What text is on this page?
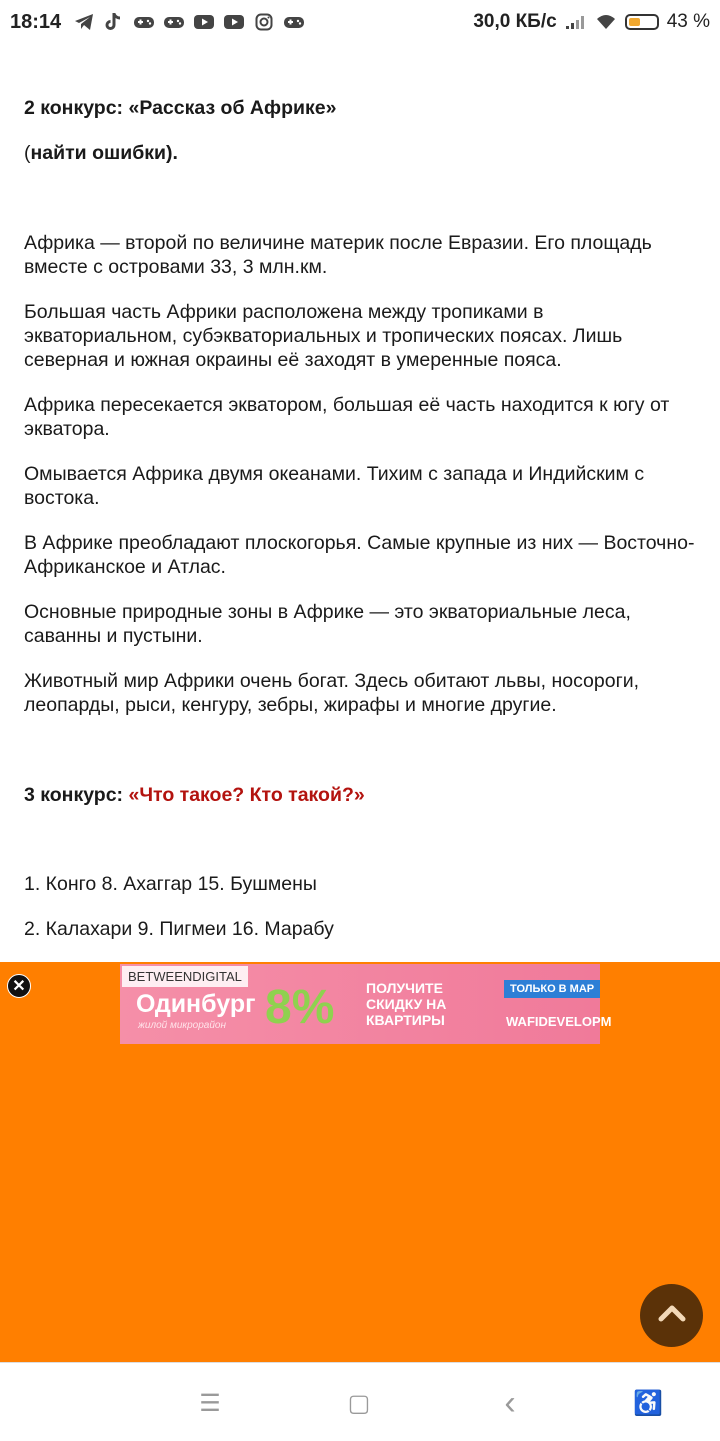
18:14	30,0 КБ/с	43 %

2 конкурс: «Рассказ об Африке»

(найти ошибки).

Африка — второй по величине материк после Евразии. Его площадь вместе с островами 33, 3 млн.км.

Большая часть Африки расположена между тропиками в экваториальном, субэкваториальных и тропических поясах. Лишь северная и южная окраины её заходят в умеренные пояса.

Африка пересекается экватором, большая её часть находится к югу от экватора.

Омывается Африка двумя океанами. Тихим с запада и Индийским с востока.

В Африке преобладают плоскогорья. Самые крупные из них — Восточно-Африканское и Атлас.

Основные природные зоны в Африке — это экваториальные леса, саванны и пустыни.

Животный мир Африки очень богат. Здесь обитают львы, носороги, леопарды, рыси, кенгуру, зебры, жирафы и многие другие.

3 конкурс: «Что такое? Кто такой?»

1. Конго 8. Ахаггар 15. Бушмены

2. Калахари 9. Пигмеи 16. Марабу

✕
BETWEENDIGITAL
Одинбург
жилой микрорайон 8% ПОЛУЧИТЕ СКИДКУ НА КВАРТИРЫ
ТОЛЬКО В МАР
WAFIDEVELOPM
☰	▢	‹	♿
